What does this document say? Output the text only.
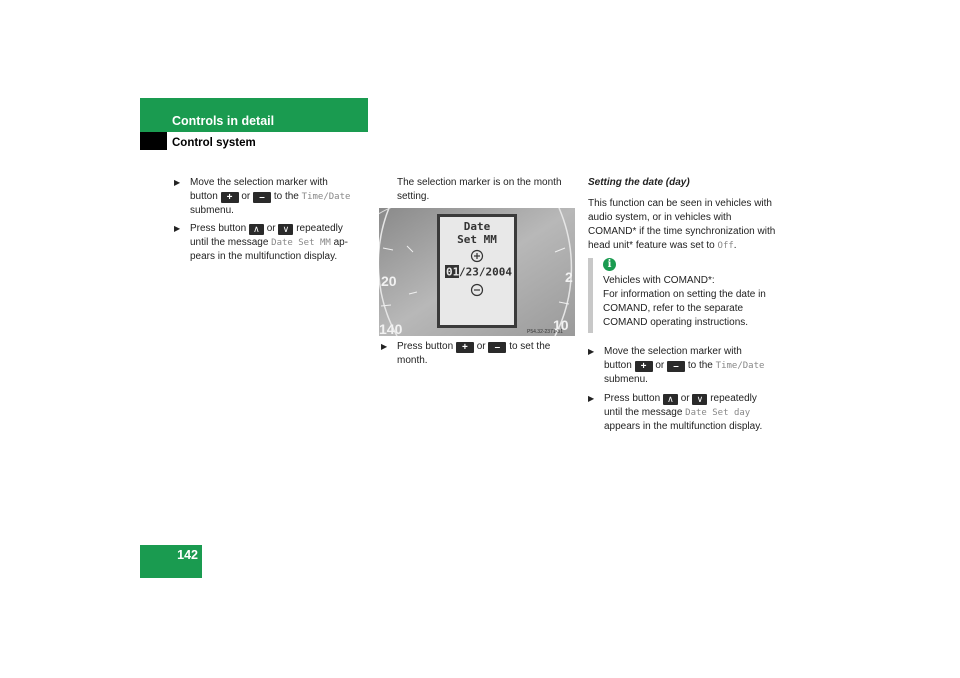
Controls in detail
Control system
▶ Move the selection marker with
button + or – to the Time/Date
submenu.
▶ Press button ∧ or ∨ repeatedly
until the message Date Set MM ap-
pears in the multifunction display.
The selection marker is on the month
setting.
20
140
2
10
Date
Set MM
01 /23/2004
P54.32-2371-31
▶ Press button + or – to set the
month.
Setting the date (day)
This function can be seen in vehicles with
audio system, or in vehicles with
COMAND* if the time synchronization with
head unit* feature was set to Off.
i
Vehicles with COMAND*:
For information on setting the date in
COMAND, refer to the separate
COMAND operating instructions.
▶ Move the selection marker with
button + or – to the Time/Date
submenu.
▶ Press button ∧ or ∨ repeatedly
until the message Date Set day
appears in the multifunction display.
142
